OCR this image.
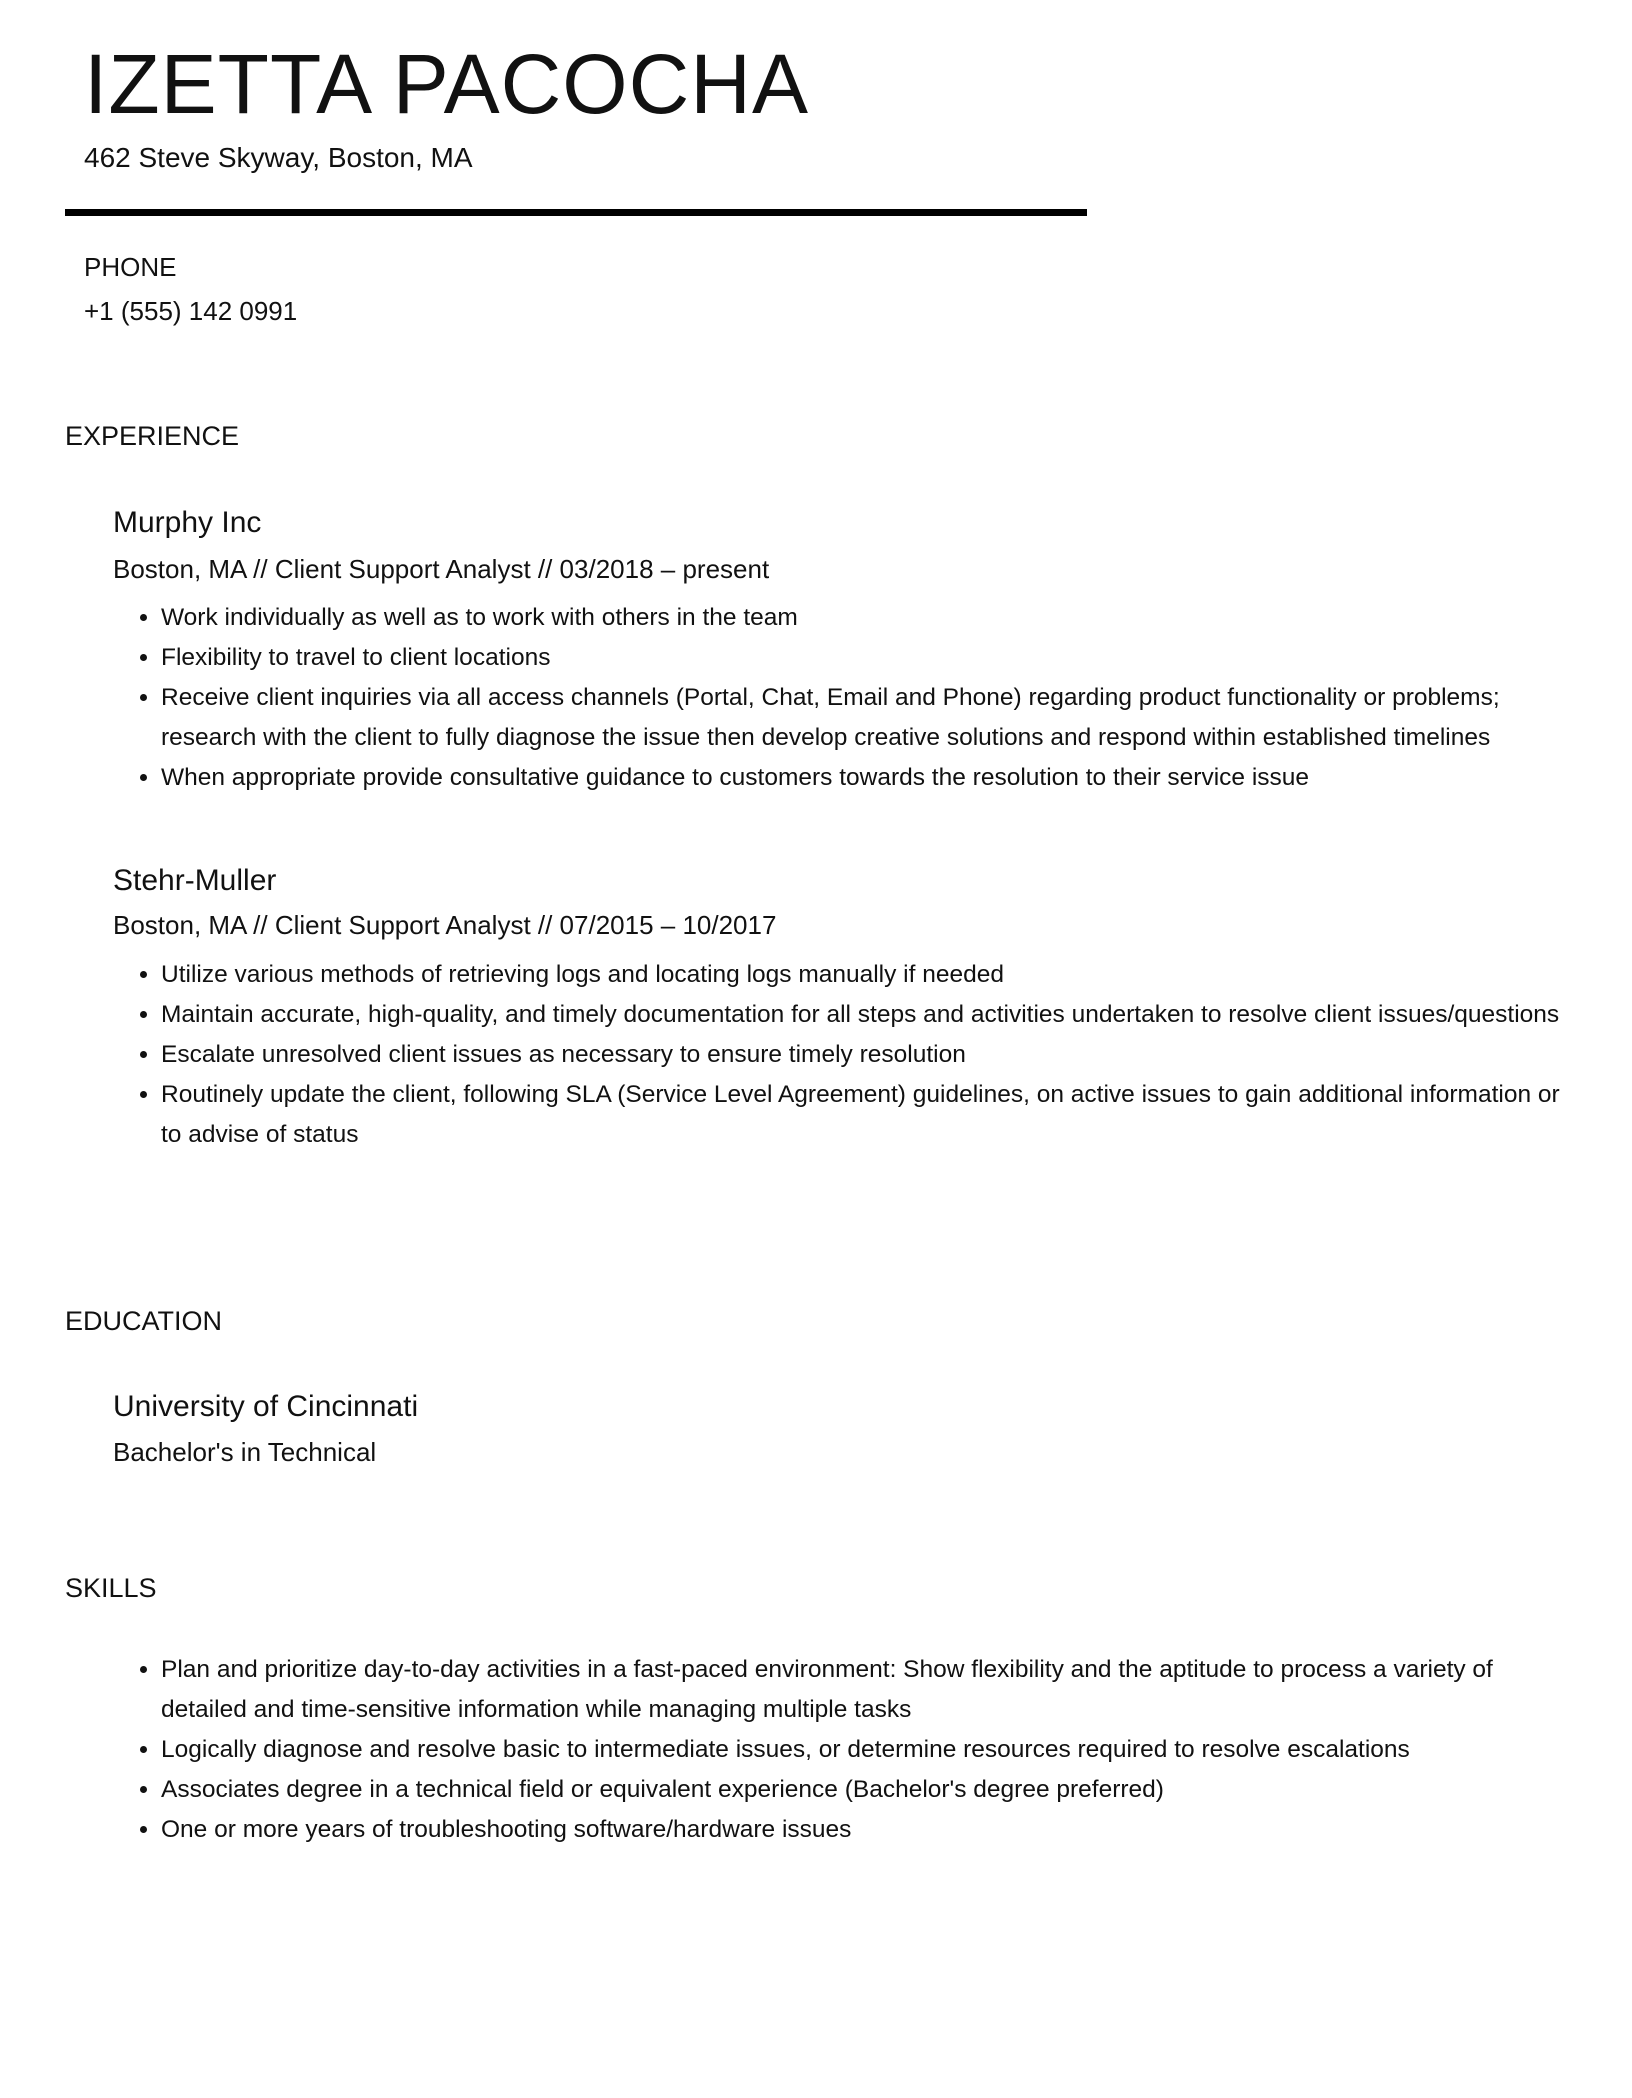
IZETTA PACOCHA
462 Steve Skyway, Boston, MA
PHONE
+1 (555) 142 0991
EXPERIENCE
Murphy Inc
Boston, MA // Client Support Analyst // 03/2018 – present
• Work individually as well as to work with others in the team
• Flexibility to travel to client locations
• Receive client inquiries via all access channels (Portal, Chat, Email and Phone) regarding product functionality or problems; research with the client to fully diagnose the issue then develop creative solutions and respond within established timelines
• When appropriate provide consultative guidance to customers towards the resolution to their service issue
Stehr-Muller
Boston, MA // Client Support Analyst // 07/2015 – 10/2017
• Utilize various methods of retrieving logs and locating logs manually if needed
• Maintain accurate, high-quality, and timely documentation for all steps and activities undertaken to resolve client issues/questions
• Escalate unresolved client issues as necessary to ensure timely resolution
• Routinely update the client, following SLA (Service Level Agreement) guidelines, on active issues to gain additional information or to advise of status
EDUCATION
University of Cincinnati
Bachelor's in Technical
SKILLS
• Plan and prioritize day-to-day activities in a fast-paced environment: Show flexibility and the aptitude to process a variety of detailed and time-sensitive information while managing multiple tasks
• Logically diagnose and resolve basic to intermediate issues, or determine resources required to resolve escalations
• Associates degree in a technical field or equivalent experience (Bachelor's degree preferred)
• One or more years of troubleshooting software/hardware issues
